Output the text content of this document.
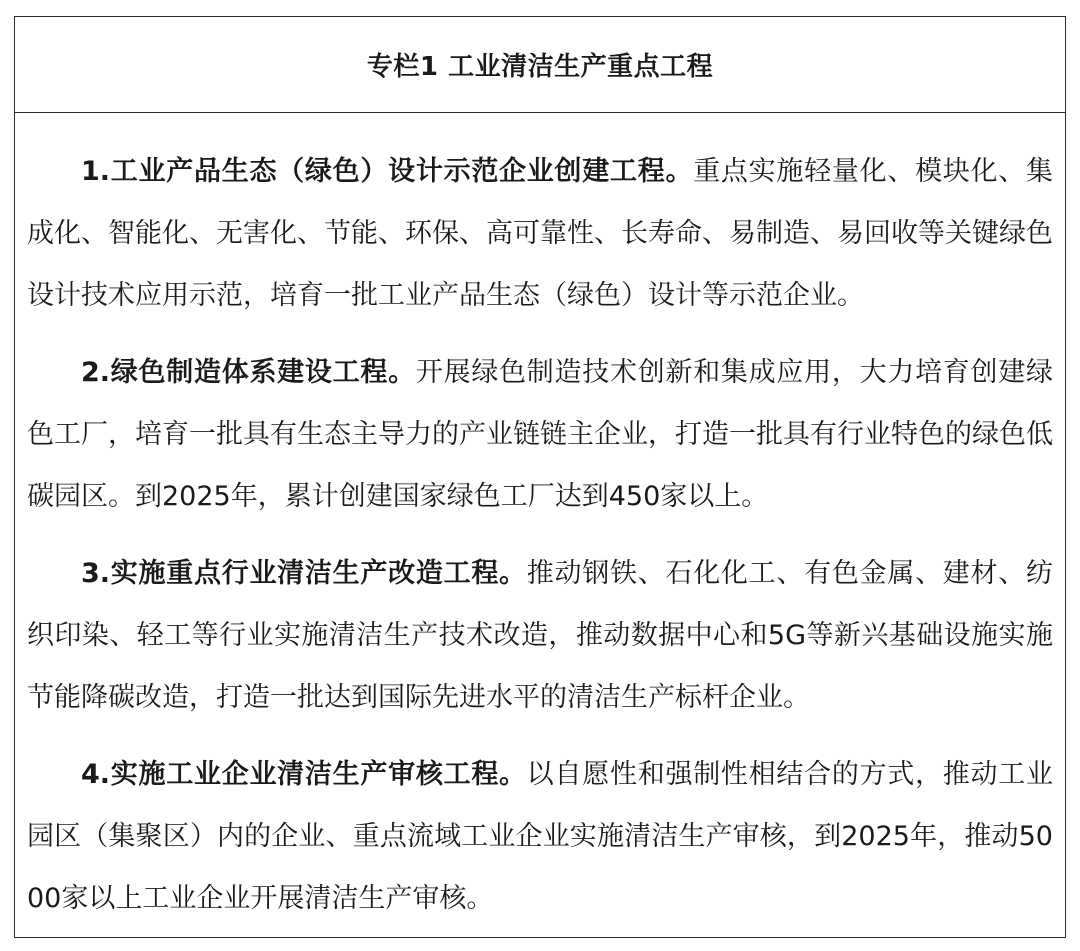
专栏1 工业清洁生产重点工程

1.工业产品生态（绿色）设计示范企业创建工程。重点实施轻量化、模块化、集成化、智能化、无害化、节能、环保、高可靠性、长寿命、易制造、易回收等关键绿色设计技术应用示范，培育一批工业产品生态（绿色）设计等示范企业。

2.绿色制造体系建设工程。开展绿色制造技术创新和集成应用，大力培育创建绿色工厂，培育一批具有生态主导力的产业链链主企业，打造一批具有行业特色的绿色低碳园区。到2025年，累计创建国家绿色工厂达到450家以上。

3.实施重点行业清洁生产改造工程。推动钢铁、石化化工、有色金属、建材、纺织印染、轻工等行业实施清洁生产技术改造，推动数据中心和5G等新兴基础设施实施节能降碳改造，打造一批达到国际先进水平的清洁生产标杆企业。

4.实施工业企业清洁生产审核工程。以自愿性和强制性相结合的方式，推动工业园区（集聚区）内的企业、重点流域工业企业实施清洁生产审核，到2025年，推动5000家以上工业企业开展清洁生产审核。
